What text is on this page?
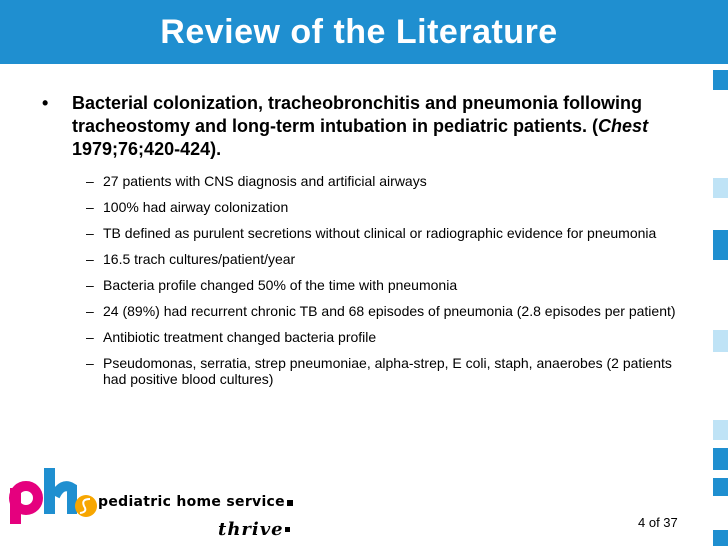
Review of the Literature
• Bacterial colonization, tracheobronchitis and pneumonia following tracheostomy and long-term intubation in pediatric patients. (Chest 1979;76;420-424).
– 27 patients with CNS diagnosis and artificial airways
– 100% had airway colonization
– TB defined as purulent secretions without clinical or radiographic evidence for pneumonia
– 16.5 trach cultures/patient/year
– Bacteria profile changed 50% of the time with pneumonia
– 24 (89%) had recurrent chronic TB and 68 episodes of pneumonia (2.8 episodes per patient)
– Antibiotic treatment changed bacteria profile
– Pseudomonas, serratia, strep pneumoniae, alpha-strep, E coli, staph, anaerobes (2 patients had positive blood cultures)
pediatric home service
thrive	4 of 37
